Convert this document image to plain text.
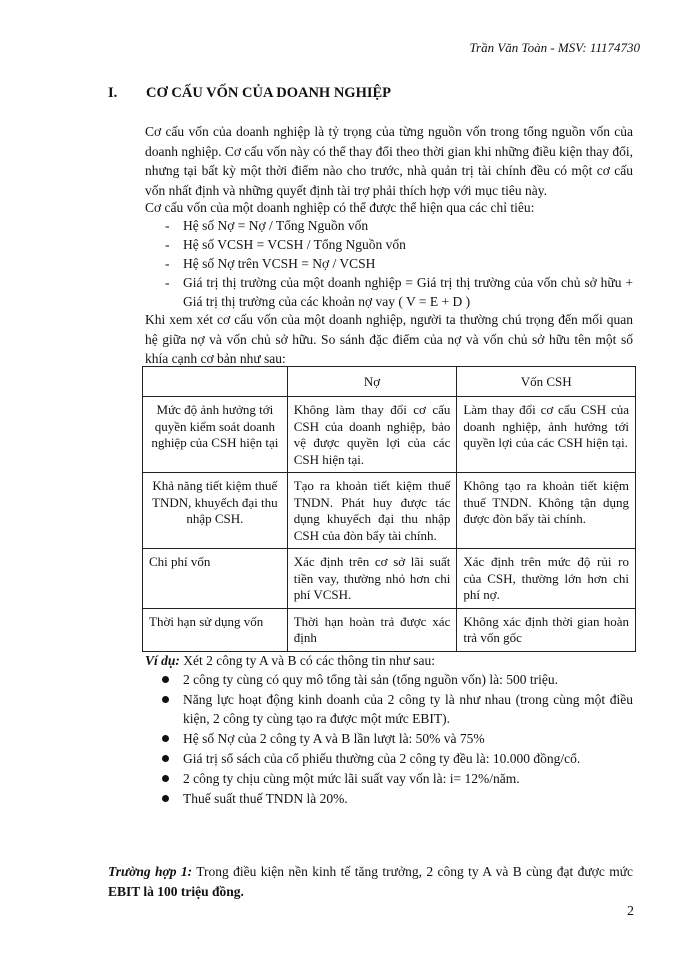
Trần Văn Toàn - MSV: 11174730
I. CƠ CẤU VỐN CỦA DOANH NGHIỆP
Cơ cấu vốn của doanh nghiệp là tỷ trọng của từng nguồn vốn trong tổng nguồn vốn của doanh nghiệp. Cơ cấu vốn này có thể thay đổi theo thời gian khi những điều kiện thay đổi, nhưng tại bất kỳ một thời điểm nào cho trước, nhà quản trị tài chính đều có một cơ cấu vốn nhất định và những quyết định tài trợ phải thích hợp với mục tiêu này.
Cơ cấu vốn của một doanh nghiệp có thể được thể hiện qua các chỉ tiêu:
- Hệ số Nợ = Nợ / Tổng Nguồn vốn
- Hệ số VCSH = VCSH / Tổng Nguồn vốn
- Hệ số Nợ trên VCSH = Nợ / VCSH
- Giá trị thị trường của một doanh nghiệp = Giá trị thị trường của vốn chủ sở hữu + Giá trị thị trường của các khoản nợ vay ( V = E + D )
Khi xem xét cơ cấu vốn của một doanh nghiệp, người ta thường chú trọng đến mối quan hệ giữa nợ và vốn chủ sở hữu. So sánh đặc điểm của nợ và vốn chủ sở hữu tên một số khía cạnh cơ bản như sau:
	Nợ	Vốn CSH
Mức độ ảnh hưởng tới quyền kiểm soát doanh nghiệp của CSH hiện tại	Không làm thay đổi cơ cấu CSH của doanh nghiệp, bảo vệ được quyền lợi của các CSH hiện tại.	Làm thay đổi cơ cấu CSH của doanh nghiệp, ảnh hưởng tới quyền lợi của các CSH hiện tại.
Khả năng tiết kiệm thuế TNDN, khuyếch đại thu nhập CSH.	Tạo ra khoản tiết kiệm thuế TNDN. Phát huy được tác dụng khuyếch đại thu nhập CSH của đòn bẩy tài chính.	Không tạo ra khoản tiết kiệm thuế TNDN. Không tận dụng được đòn bẩy tài chính.
Chi phí vốn	Xác định trên cơ sở lãi suất tiền vay, thường nhỏ hơn chi phí VCSH.	Xác định trên mức độ rủi ro của CSH, thường lớn hơn chi phí nợ.
Thời hạn sử dụng vốn	Thời hạn hoàn trả được xác định	Không xác định thời gian hoàn trả vốn gốc
Ví dụ: Xét 2 công ty A và B có các thông tin như sau:
2 công ty cùng có quy mô tổng tài sản (tổng nguồn vốn) là: 500 triệu.
Năng lực hoạt động kinh doanh của 2 công ty là như nhau (trong cùng một điều kiện, 2 công ty cùng tạo ra được một mức EBIT).
Hệ số Nợ của 2 công ty A và B lần lượt là: 50% và 75%
Giá trị sổ sách của cổ phiếu thường của 2 công ty đều là: 10.000 đồng/cổ.
2 công ty chịu cùng một mức lãi suất vay vốn là: i= 12%/năm.
Thuế suất thuế TNDN là 20%.
Trường hợp 1: Trong điều kiện nền kinh tế tăng trưởng, 2 công ty A và B cùng đạt được mức EBIT là 100 triệu đồng.
2
